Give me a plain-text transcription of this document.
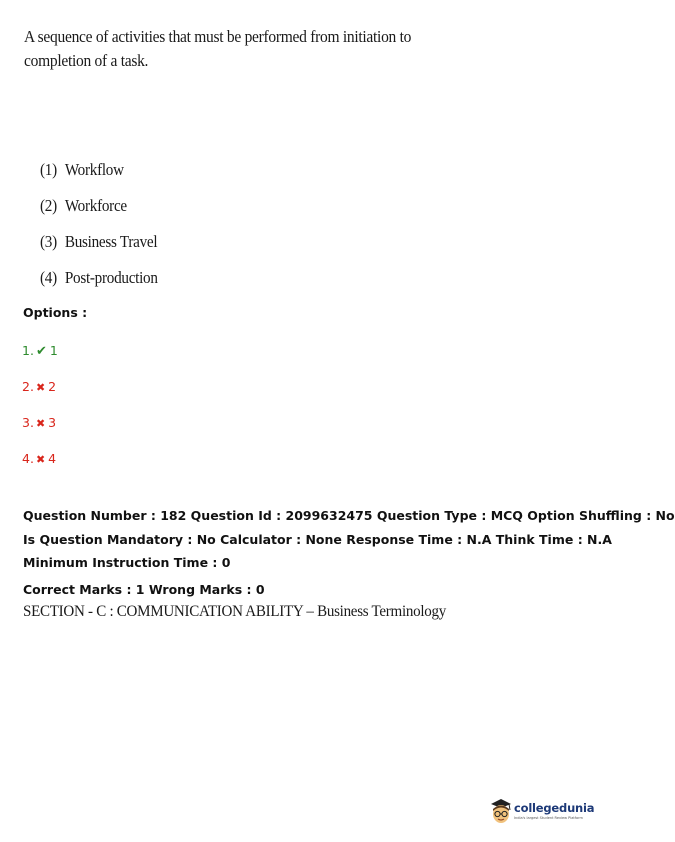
A sequence of activities that must be performed from initiation to completion of a task.
(1) Workflow
(2) Workforce
(3) Business Travel
(4) Post-production
Options :
1. ✔ 1
2. ✖ 2
3. ✖ 3
4. ✖ 4
Question Number : 182 Question Id : 2099632475 Question Type : MCQ Option Shuffling : No
Is Question Mandatory : No Calculator : None Response Time : N.A Think Time : N.A
Minimum Instruction Time : 0
Correct Marks : 1 Wrong Marks : 0
SECTION - C : COMMUNICATION ABILITY – Business Terminology
collegedunia
India's largest Student Review Platform
